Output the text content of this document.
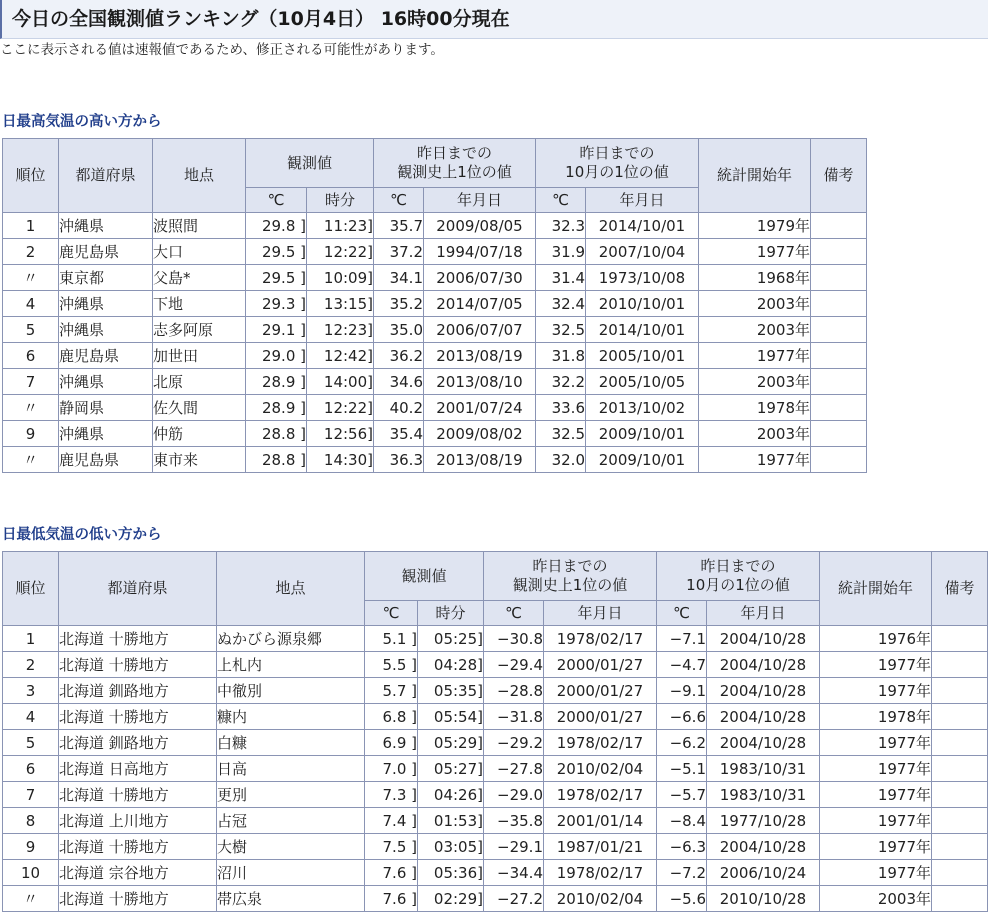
今日の全国観測値ランキング（10月4日） 16時00分現在
ここに表示される値は速報値であるため、修正される可能性があります。
日最高気温の高い方から
順位	都道府県	地点	観測値		昨日までの
観測史上1位の値		昨日までの
10月の1位の値		統計開始年	備考
			℃	時分	℃	年月日	℃	年月日		
1	沖縄県	波照間	29.8 ]	11:23]	35.7	2009/08/05	32.3	2014/10/01	1979年	
2	鹿児島県	大口	29.5 ]	12:22]	37.2	1994/07/18	31.9	2007/10/04	1977年	
〃	東京都	父島*	29.5 ]	10:09]	34.1	2006/07/30	31.4	1973/10/08	1968年	
4	沖縄県	下地	29.3 ]	13:15]	35.2	2014/07/05	32.4	2010/10/01	2003年	
5	沖縄県	志多阿原	29.1 ]	12:23]	35.0	2006/07/07	32.5	2014/10/01	2003年	
6	鹿児島県	加世田	29.0 ]	12:42]	36.2	2013/08/19	31.8	2005/10/01	1977年	
7	沖縄県	北原	28.9 ]	14:00]	34.6	2013/08/10	32.2	2005/10/05	2003年	
〃	静岡県	佐久間	28.9 ]	12:22]	40.2	2001/07/24	33.6	2013/10/02	1978年	
9	沖縄県	仲筋	28.8 ]	12:56]	35.4	2009/08/02	32.5	2009/10/01	2003年	
〃	鹿児島県	東市来	28.8 ]	14:30]	36.3	2013/08/19	32.0	2009/10/01	1977年	
日最低気温の低い方から
順位	都道府県	地点	観測値		昨日までの
観測史上1位の値		昨日までの
10月の1位の値		統計開始年	備考
			℃	時分	℃	年月日	℃	年月日		
1	北海道 十勝地方	ぬかびら源泉郷	5.1 ]	05:25]	−30.8	1978/02/17	−7.1	2004/10/28	1976年	
2	北海道 十勝地方	上札内	5.5 ]	04:28]	−29.4	2000/01/27	−4.7	2004/10/28	1977年	
3	北海道 釧路地方	中徹別	5.7 ]	05:35]	−28.8	2000/01/27	−9.1	2004/10/28	1977年	
4	北海道 十勝地方	糠内	6.8 ]	05:54]	−31.8	2000/01/27	−6.6	2004/10/28	1978年	
5	北海道 釧路地方	白糠	6.9 ]	05:29]	−29.2	1978/02/17	−6.2	2004/10/28	1977年	
6	北海道 日高地方	日高	7.0 ]	05:27]	−27.8	2010/02/04	−5.1	1983/10/31	1977年	
7	北海道 十勝地方	更別	7.3 ]	04:26]	−29.0	1978/02/17	−5.7	1983/10/31	1977年	
8	北海道 上川地方	占冠	7.4 ]	01:53]	−35.8	2001/01/14	−8.4	1977/10/28	1977年	
9	北海道 十勝地方	大樹	7.5 ]	03:05]	−29.1	1987/01/21	−6.3	2004/10/28	1977年	
10	北海道 宗谷地方	沼川	7.6 ]	05:36]	−34.4	1978/02/17	−7.2	2006/10/24	1977年	
〃	北海道 十勝地方	帯広泉	7.6 ]	02:29]	−27.2	2010/02/04	−5.6	2010/10/28	2003年	
